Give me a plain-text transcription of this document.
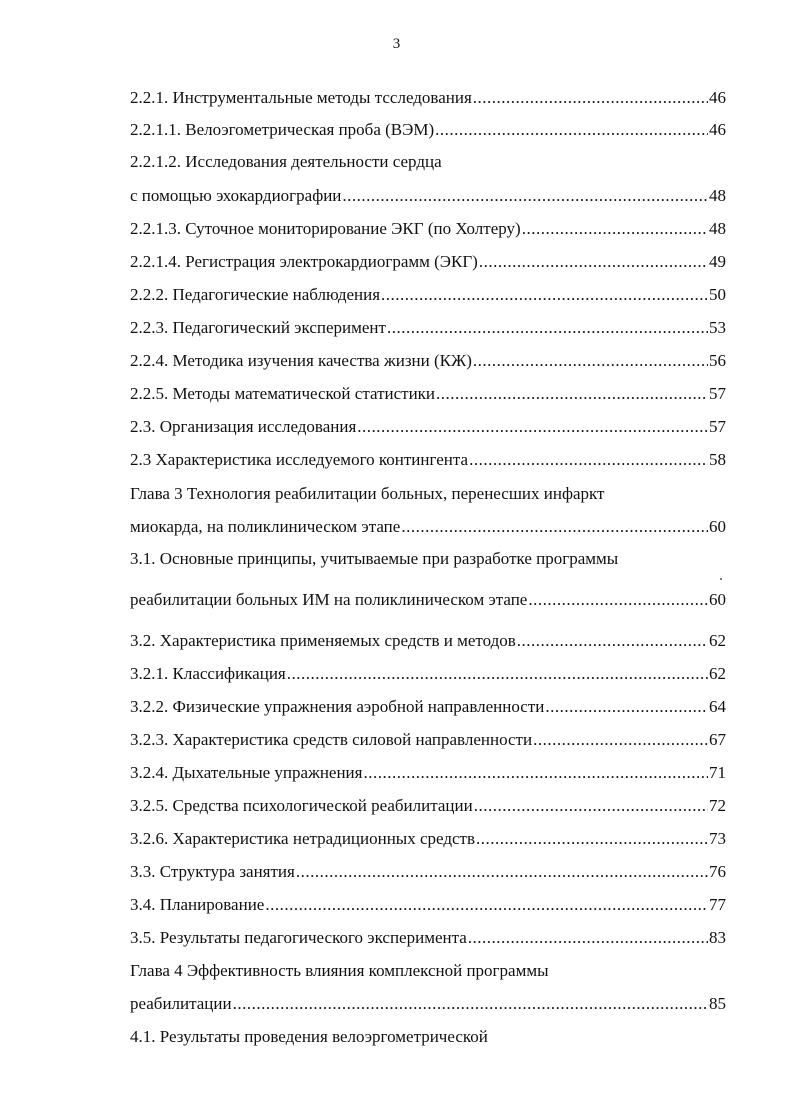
3
2.2.1. Инструментальные методы тсследования .....	46
2.2.1.1. Велоэгометрическая проба (ВЭМ) .....	46
2.2.1.2. Исследования деятельности сердца
с помощью эхокардиографии .....	48
2.2.1.3. Суточное мониторирование ЭКГ (по Холтеру) .....	48
2.2.1.4. Регистрация электрокардиограмм (ЭКГ) .....	49
2.2.2. Педагогические наблюдения .....	50
2.2.3. Педагогический эксперимент .....	53
2.2.4. Методика изучения качества жизни (КЖ) .....	56
2.2.5. Методы математической статистики .....	57
2.3. Организация исследования .....	57
2.3 Характеристика исследуемого контингента .....	58
Глава 3 Технология реабилитации больных, перенесших инфаркт
миокарда, на поликлиническом этапе .....	60
3.1. Основные принципы, учитываемые при разработке программы
реабилитации больных ИМ на поликлиническом этапе .....	60
3.2. Характеристика применяемых средств и методов .....	62
3.2.1. Классификация .....	62
3.2.2. Физические упражнения аэробной направленности .....	64
3.2.3. Характеристика средств силовой направленности .....	67
3.2.4. Дыхательные упражнения .....	71
3.2.5. Средства психологической реабилитации .....	72
3.2.6. Характеристика нетрадиционных средств .....	73
3.3. Структура занятия .....	76
3.4. Планирование .....	77
3.5. Результаты педагогического эксперимента .....	83
Глава 4 Эффективность влияния комплексной программы
реабилитации .....	85
4.1. Результаты проведения велоэргометрической
